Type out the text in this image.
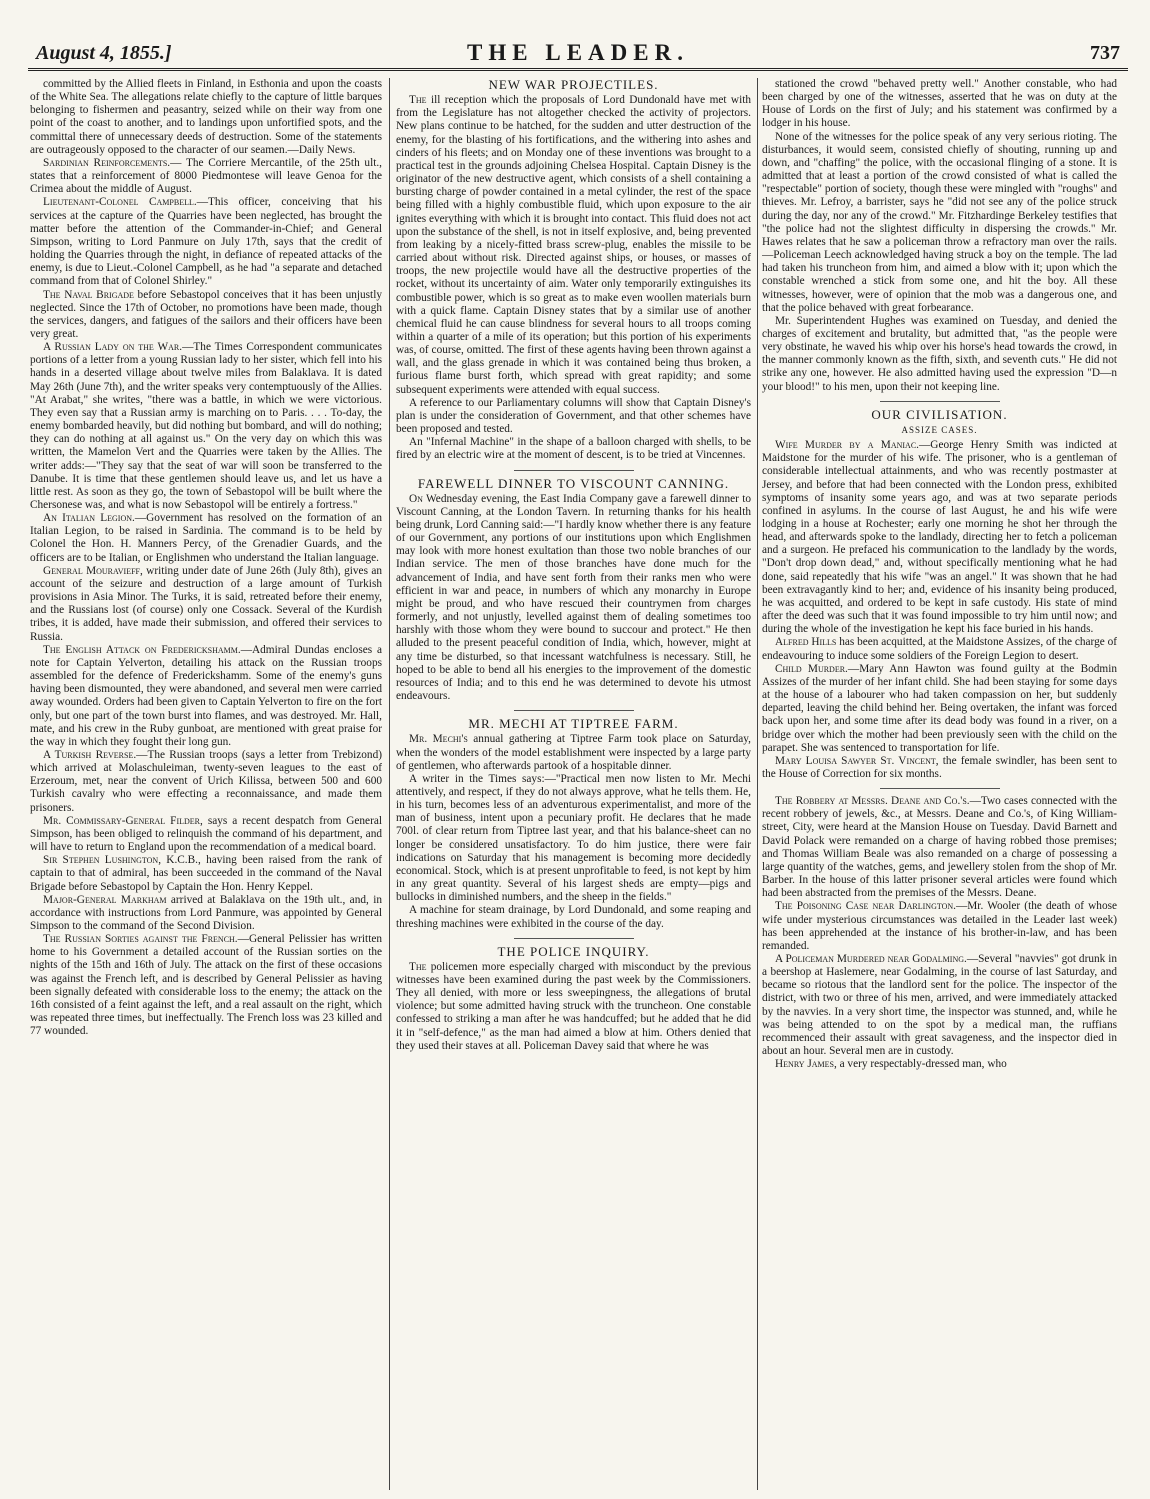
August 4, 1855.]	THE LEADER.	737

committed by the Allied fleets in Finland, in Esthonia and upon the coasts of the White Sea. The allegations relate chiefly to the capture of little barques belonging to fishermen and peasantry, seized while on their way from one point of the coast to another, and to landings upon unfortified spots, and the committal there of unnecessary deeds of destruction. Some of the statements are outrageously opposed to the character of our seamen.—Daily News.

Sardinian Reinforcements.— The Corriere Mercantile, of the 25th ult., states that a reinforcement of 8000 Piedmontese will leave Genoa for the Crimea about the middle of August.

Lieutenant-Colonel Campbell.—This officer, conceiving that his services at the capture of the Quarries have been neglected, has brought the matter before the attention of the Commander-in-Chief; and General Simpson, writing to Lord Panmure on July 17th, says that the credit of holding the Quarries through the night, in defiance of repeated attacks of the enemy, is due to Lieut.-Colonel Campbell, as he had "a separate and detached command from that of Colonel Shirley."

The Naval Brigade before Sebastopol conceives that it has been unjustly neglected. Since the 17th of October, no promotions have been made, though the services, dangers, and fatigues of the sailors and their officers have been very great.

A Russian Lady on the War.—The Times Correspondent communicates portions of a letter from a young Russian lady to her sister, which fell into his hands in a deserted village about twelve miles from Balaklava. It is dated May 26th (June 7th), and the writer speaks very contemptuously of the Allies. "At Arabat," she writes, "there was a battle, in which we were victorious. They even say that a Russian army is marching on to Paris. . . . To-day, the enemy bombarded heavily, but did nothing but bombard, and will do nothing; they can do nothing at all against us." On the very day on which this was written, the Mamelon Vert and the Quarries were taken by the Allies. The writer adds:—"They say that the seat of war will soon be transferred to the Danube. It is time that these gentlemen should leave us, and let us have a little rest. As soon as they go, the town of Sebastopol will be built where the Chersonese was, and what is now Sebastopol will be entirely a fortress."

An Italian Legion.—Government has resolved on the formation of an Italian Legion, to be raised in Sardinia. The command is to be held by Colonel the Hon. H. Manners Percy, of the Grenadier Guards, and the officers are to be Italian, or Englishmen who understand the Italian language.

General Mouravieff, writing under date of June 26th (July 8th), gives an account of the seizure and destruction of a large amount of Turkish provisions in Asia Minor. The Turks, it is said, retreated before their enemy, and the Russians lost (of course) only one Cossack. Several of the Kurdish tribes, it is added, have made their submission, and offered their services to Russia.

The English Attack on Frederickshamm.—Admiral Dundas encloses a note for Captain Yelverton, detailing his attack on the Russian troops assembled for the defence of Frederickshamm. Some of the enemy's guns having been dismounted, they were abandoned, and several men were carried away wounded. Orders had been given to Captain Yelverton to fire on the fort only, but one part of the town burst into flames, and was destroyed. Mr. Hall, mate, and his crew in the Ruby gunboat, are mentioned with great praise for the way in which they fought their long gun.

A Turkish Reverse.—The Russian troops (says a letter from Trebizond) which arrived at Molaschuleiman, twenty-seven leagues to the east of Erzeroum, met, near the convent of Urich Kilissa, between 500 and 600 Turkish cavalry who were effecting a reconnaissance, and made them prisoners.

Mr. Commissary-General Filder, says a recent despatch from General Simpson, has been obliged to relinquish the command of his department, and will have to return to England upon the recommendation of a medical board.

Sir Stephen Lushington, K.C.B., having been raised from the rank of captain to that of admiral, has been succeeded in the command of the Naval Brigade before Sebastopol by Captain the Hon. Henry Keppel.

Major-General Markham arrived at Balaklava on the 19th ult., and, in accordance with instructions from Lord Panmure, was appointed by General Simpson to the command of the Second Division.

The Russian Sorties against the French.—General Pelissier has written home to his Government a detailed account of the Russian sorties on the nights of the 15th and 16th of July. The attack on the first of these occasions was against the French left, and is described by General Pelissier as having been signally defeated with considerable loss to the enemy; the attack on the 16th consisted of a feint against the left, and a real assault on the right, which was repeated three times, but ineffectually. The French loss was 23 killed and 77 wounded.

NEW WAR PROJECTILES.

The ill reception which the proposals of Lord Dundonald have met with from the Legislature has not altogether checked the activity of projectors. New plans continue to be hatched, for the sudden and utter destruction of the enemy, for the blasting of his fortifications, and the withering into ashes and cinders of his fleets; and on Monday one of these inventions was brought to a practical test in the grounds adjoining Chelsea Hospital. Captain Disney is the originator of the new destructive agent, which consists of a shell containing a bursting charge of powder contained in a metal cylinder, the rest of the space being filled with a highly combustible fluid, which upon exposure to the air ignites everything with which it is brought into contact. This fluid does not act upon the substance of the shell, is not in itself explosive, and, being prevented from leaking by a nicely-fitted brass screw-plug, enables the missile to be carried about without risk. Directed against ships, or houses, or masses of troops, the new projectile would have all the destructive properties of the rocket, without its uncertainty of aim. Water only temporarily extinguishes its combustible power, which is so great as to make even woollen materials burn with a quick flame. Captain Disney states that by a similar use of another chemical fluid he can cause blindness for several hours to all troops coming within a quarter of a mile of its operation; but this portion of his experiments was, of course, omitted. The first of these agents having been thrown against a wall, and the glass grenade in which it was contained being thus broken, a furious flame burst forth, which spread with great rapidity; and some subsequent experiments were attended with equal success.

A reference to our Parliamentary columns will show that Captain Disney's plan is under the consideration of Government, and that other schemes have been proposed and tested.

An "Infernal Machine" in the shape of a balloon charged with shells, to be fired by an electric wire at the moment of descent, is to be tried at Vincennes.

FAREWELL DINNER TO VISCOUNT CANNING.

On Wednesday evening, the East India Company gave a farewell dinner to Viscount Canning, at the London Tavern. In returning thanks for his health being drunk, Lord Canning said:—"I hardly know whether there is any feature of our Government, any portions of our institutions upon which Englishmen may look with more honest exultation than those two noble branches of our Indian service. The men of those branches have done much for the advancement of India, and have sent forth from their ranks men who were efficient in war and peace, in numbers of which any monarchy in Europe might be proud, and who have rescued their countrymen from charges formerly, and not unjustly, levelled against them of dealing sometimes too harshly with those whom they were bound to succour and protect." He then alluded to the present peaceful condition of India, which, however, might at any time be disturbed, so that incessant watchfulness is necessary. Still, he hoped to be able to bend all his energies to the improvement of the domestic resources of India; and to this end he was determined to devote his utmost endeavours.

MR. MECHI AT TIPTREE FARM.

Mr. Mechi's annual gathering at Tiptree Farm took place on Saturday, when the wonders of the model establishment were inspected by a large party of gentlemen, who afterwards partook of a hospitable dinner.

A writer in the Times says:—"Practical men now listen to Mr. Mechi attentively, and respect, if they do not always approve, what he tells them. He, in his turn, becomes less of an adventurous experimentalist, and more of the man of business, intent upon a pecuniary profit. He declares that he made 700l. of clear return from Tiptree last year, and that his balance-sheet can no longer be considered unsatisfactory. To do him justice, there were fair indications on Saturday that his management is becoming more decidedly economical. Stock, which is at present unprofitable to feed, is not kept by him in any great quantity. Several of his largest sheds are empty—pigs and bullocks in diminished numbers, and the sheep in the fields."

A machine for steam drainage, by Lord Dundonald, and some reaping and threshing machines were exhibited in the course of the day.

THE POLICE INQUIRY.

The policemen more especially charged with misconduct by the previous witnesses have been examined during the past week by the Commissioners. They all denied, with more or less sweepingness, the allegations of brutal violence; but some admitted having struck with the truncheon. One constable confessed to striking a man after he was handcuffed; but he added that he did it in "self-defence," as the man had aimed a blow at him. Others denied that they used their staves at all. Policeman Davey said that where he was

stationed the crowd "behaved pretty well." Another constable, who had been charged by one of the witnesses, asserted that he was on duty at the House of Lords on the first of July; and his statement was confirmed by a lodger in his house.

None of the witnesses for the police speak of any very serious rioting. The disturbances, it would seem, consisted chiefly of shouting, running up and down, and "chaffing" the police, with the occasional flinging of a stone. It is admitted that at least a portion of the crowd consisted of what is called the "respectable" portion of society, though these were mingled with "roughs" and thieves. Mr. Lefroy, a barrister, says he "did not see any of the police struck during the day, nor any of the crowd." Mr. Fitzhardinge Berkeley testifies that "the police had not the slightest difficulty in dispersing the crowds." Mr. Hawes relates that he saw a policeman throw a refractory man over the rails.—Policeman Leech acknowledged having struck a boy on the temple. The lad had taken his truncheon from him, and aimed a blow with it; upon which the constable wrenched a stick from some one, and hit the boy. All these witnesses, however, were of opinion that the mob was a dangerous one, and that the police behaved with great forbearance.

Mr. Superintendent Hughes was examined on Tuesday, and denied the charges of excitement and brutality, but admitted that, "as the people were very obstinate, he waved his whip over his horse's head towards the crowd, in the manner commonly known as the fifth, sixth, and seventh cuts." He did not strike any one, however. He also admitted having used the expression "D—n your blood!" to his men, upon their not keeping line.

OUR CIVILISATION.

ASSIZE CASES.

Wife Murder by a Maniac.—George Henry Smith was indicted at Maidstone for the murder of his wife. The prisoner, who is a gentleman of considerable intellectual attainments, and who was recently postmaster at Jersey, and before that had been connected with the London press, exhibited symptoms of insanity some years ago, and was at two separate periods confined in asylums. In the course of last August, he and his wife were lodging in a house at Rochester; early one morning he shot her through the head, and afterwards spoke to the landlady, directing her to fetch a policeman and a surgeon. He prefaced his communication to the landlady by the words, "Don't drop down dead," and, without specifically mentioning what he had done, said repeatedly that his wife "was an angel." It was shown that he had been extravagantly kind to her; and, evidence of his insanity being produced, he was acquitted, and ordered to be kept in safe custody. His state of mind after the deed was such that it was found impossible to try him until now; and during the whole of the investigation he kept his face buried in his hands.

Alfred Hills has been acquitted, at the Maidstone Assizes, of the charge of endeavouring to induce some soldiers of the Foreign Legion to desert.

Child Murder.—Mary Ann Hawton was found guilty at the Bodmin Assizes of the murder of her infant child. She had been staying for some days at the house of a labourer who had taken compassion on her, but suddenly departed, leaving the child behind her. Being overtaken, the infant was forced back upon her, and some time after its dead body was found in a river, on a bridge over which the mother had been previously seen with the child on the parapet. She was sentenced to transportation for life.

Mary Louisa Sawyer St. Vincent, the female swindler, has been sent to the House of Correction for six months.

The Robbery at Messrs. Deane and Co.'s.—Two cases connected with the recent robbery of jewels, &c., at Messrs. Deane and Co.'s, of King William-street, City, were heard at the Mansion House on Tuesday. David Barnett and David Polack were remanded on a charge of having robbed those premises; and Thomas William Beale was also remanded on a charge of possessing a large quantity of the watches, gems, and jewellery stolen from the shop of Mr. Barber. In the house of this latter prisoner several articles were found which had been abstracted from the premises of the Messrs. Deane.

The Poisoning Case near Darlington.—Mr. Wooler (the death of whose wife under mysterious circumstances was detailed in the Leader last week) has been apprehended at the instance of his brother-in-law, and has been remanded.

A Policeman Murdered near Godalming.—Several "navvies" got drunk in a beershop at Haslemere, near Godalming, in the course of last Saturday, and became so riotous that the landlord sent for the police. The inspector of the district, with two or three of his men, arrived, and were immediately attacked by the navvies. In a very short time, the inspector was stunned, and, while he was being attended to on the spot by a medical man, the ruffians recommenced their assault with great savageness, and the inspector died in about an hour. Several men are in custody.

Henry James, a very respectably-dressed man, who
